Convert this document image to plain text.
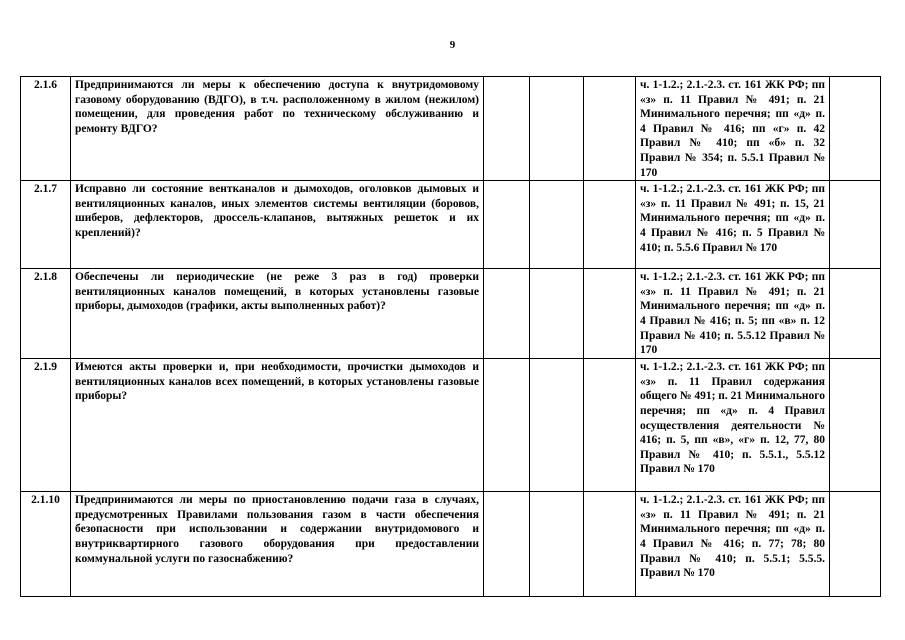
9
2.1.6	Предпринимаются ли меры к обеспечению доступа к внутридомовому газовому оборудованию (ВДГО), в т.ч. расположенному в жилом (нежилом) помещении, для проведения работ по техническому обслуживанию и ремонту ВДГО?				ч. 1-1.2.; 2.1.-2.3. ст. 161 ЖК РФ; пп «з» п. 11 Правил № 491; п. 21 Минимального перечня; пп «д» п. 4 Правил № 416; пп «г» п. 42 Правил № 410; пп «б» п. 32 Правил № 354; п. 5.5.1 Правил № 170	
2.1.7	Исправно ли состояние вентканалов и дымоходов, оголовков дымовых и вентиляционных каналов, иных элементов системы вентиляции (боровов, шиберов, дефлекторов, дроссель-клапанов, вытяжных решеток и их креплений)?				ч. 1-1.2.; 2.1.-2.3. ст. 161 ЖК РФ; пп «з» п. 11 Правил № 491; п. 15, 21 Минимального перечня; пп «д» п. 4 Правил № 416; п. 5 Правил № 410; п. 5.5.6 Правил № 170	
2.1.8	Обеспечены ли периодические (не реже 3 раз в год) проверки вентиляционных каналов помещений, в которых установлены газовые приборы, дымоходов (графики, акты выполненных работ)?				ч. 1-1.2.; 2.1.-2.3. ст. 161 ЖК РФ; пп «з» п. 11 Правил № 491; п. 21 Минимального перечня; пп «д» п. 4 Правил № 416; п. 5; пп «в» п. 12 Правил № 410; п. 5.5.12 Правил № 170	
2.1.9	Имеются акты проверки и, при необходимости, прочистки дымоходов и вентиляционных каналов всех помещений, в которых установлены газовые приборы?				ч. 1-1.2.; 2.1.-2.3. ст. 161 ЖК РФ; пп «з» п. 11 Правил содержания общего № 491; п. 21 Минимального перечня; пп «д» п. 4 Правил осуществления деятельности № 416; п. 5, пп «в», «г» п. 12, 77, 80 Правил № 410; п. 5.5.1., 5.5.12 Правил № 170	
2.1.10	Предпринимаются ли меры по приостановлению подачи газа в случаях, предусмотренных Правилами пользования газом в части обеспечения безопасности при использовании и содержании внутридомового и внутриквартирного газового оборудования при предоставлении коммунальной услуги по газоснабжению?				ч. 1-1.2.; 2.1.-2.3. ст. 161 ЖК РФ; пп «з» п. 11 Правил № 491; п. 21 Минимального перечня; пп «д» п. 4 Правил № 416; п. 77; 78; 80 Правил № 410; п. 5.5.1; 5.5.5. Правил № 170	
